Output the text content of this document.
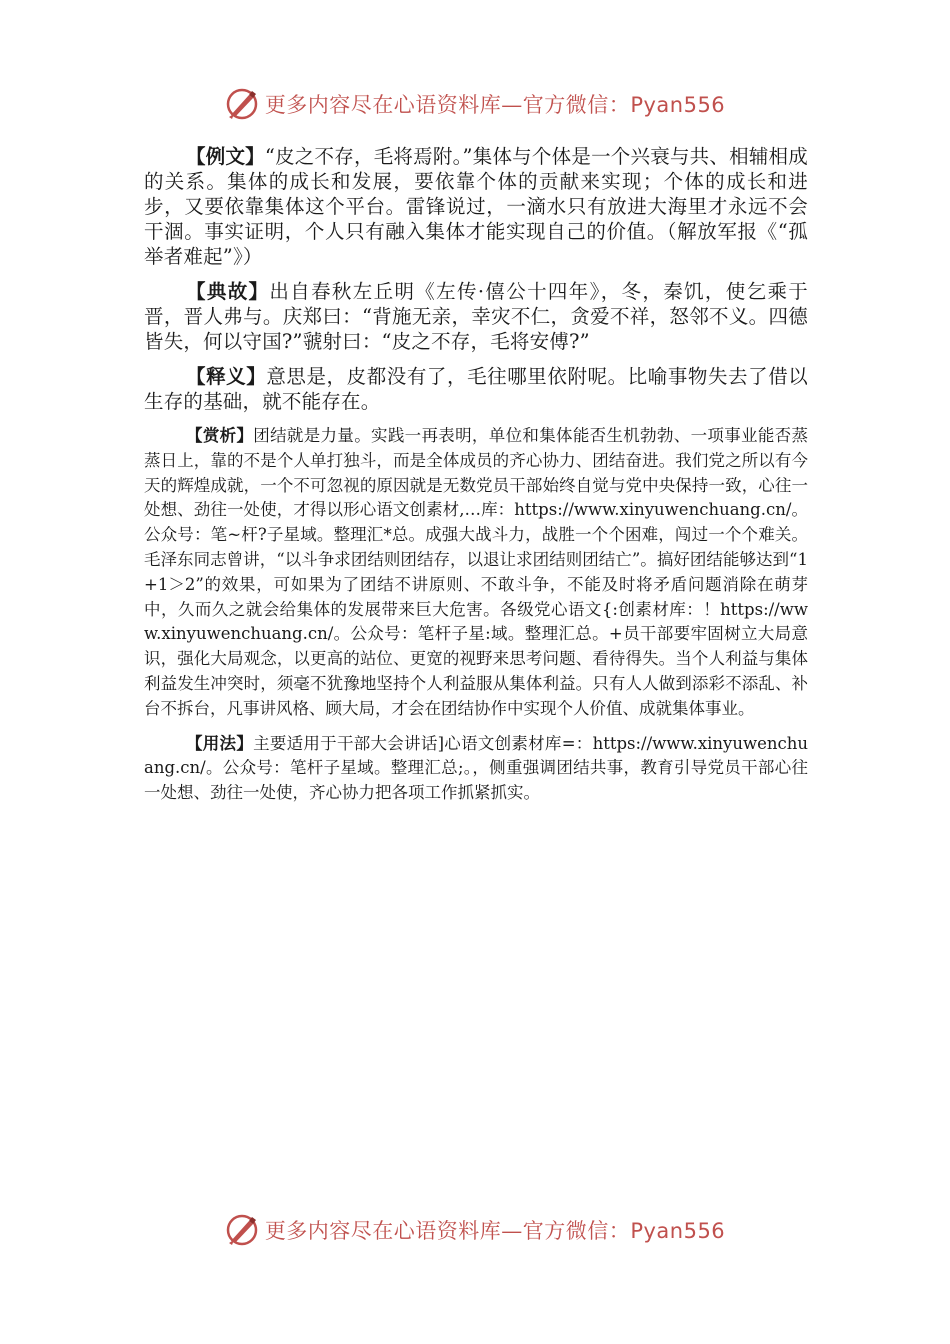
更多内容尽在心语资料库—官方微信：Pyan556

【例文】“皮之不存，毛将焉附。”集体与个体是一个兴衰与共、相辅相成的关系。集体的成长和发展，要依靠个体的贡献来实现；个体的成长和进步，又要依靠集体这个平台。雷锋说过，一滴水只有放进大海里才永远不会干涸。事实证明，个人只有融入集体才能实现自己的价值。（解放军报《“孤举者难起”》）

【典故】出自春秋左丘明《左传·僖公十四年》，冬，秦饥，使乞乘于晋，晋人弗与。庆郑曰：“背施无亲，幸灾不仁，贪爱不祥，怒邻不义。四德皆失，何以守国?”虢射曰：“皮之不存，毛将安傅?”

【释义】意思是，皮都没有了，毛往哪里依附呢。比喻事物失去了借以生存的基础，就不能存在。

【赏析】团结就是力量。实践一再表明，单位和集体能否生机勃勃、一项事业能否蒸蒸日上，靠的不是个人单打独斗，而是全体成员的齐心协力、团结奋进。我们党之所以有今天的辉煌成就，一个不可忽视的原因就是无数党员干部始终自觉与党中央保持一致，心往一处想、劲往一处使，才得以形心语文创素材,…库：https://www.xinyuwenchuang.cn/。公众号：笔~杆?子星域。整理汇*总。成强大战斗力，战胜一个个困难，闯过一个个难关。毛泽东同志曾讲，“以斗争求团结则团结存，以退让求团结则团结亡”。搞好团结能够达到“1+1＞2”的效果，可如果为了团结不讲原则、不敢斗争，不能及时将矛盾问题消除在萌芽中，久而久之就会给集体的发展带来巨大危害。各级党心语文{:创素材库：！https://www.xinyuwenchuang.cn/。公众号：笔杆子星:域。整理汇总。+员干部要牢固树立大局意识，强化大局观念，以更高的站位、更宽的视野来思考问题、看待得失。当个人利益与集体利益发生冲突时，须毫不犹豫地坚持个人利益服从集体利益。只有人人做到添彩不添乱、补台不拆台，凡事讲风格、顾大局，才会在团结协作中实现个人价值、成就集体事业。

【用法】主要适用于干部大会讲话]心语文创素材库=：https://www.xinyuwenchuang.cn/。公众号：笔杆子星域。整理汇总;。，侧重强调团结共事，教育引导党员干部心往一处想、劲往一处使，齐心协力把各项工作抓紧抓实。

更多内容尽在心语资料库—官方微信：Pyan556
